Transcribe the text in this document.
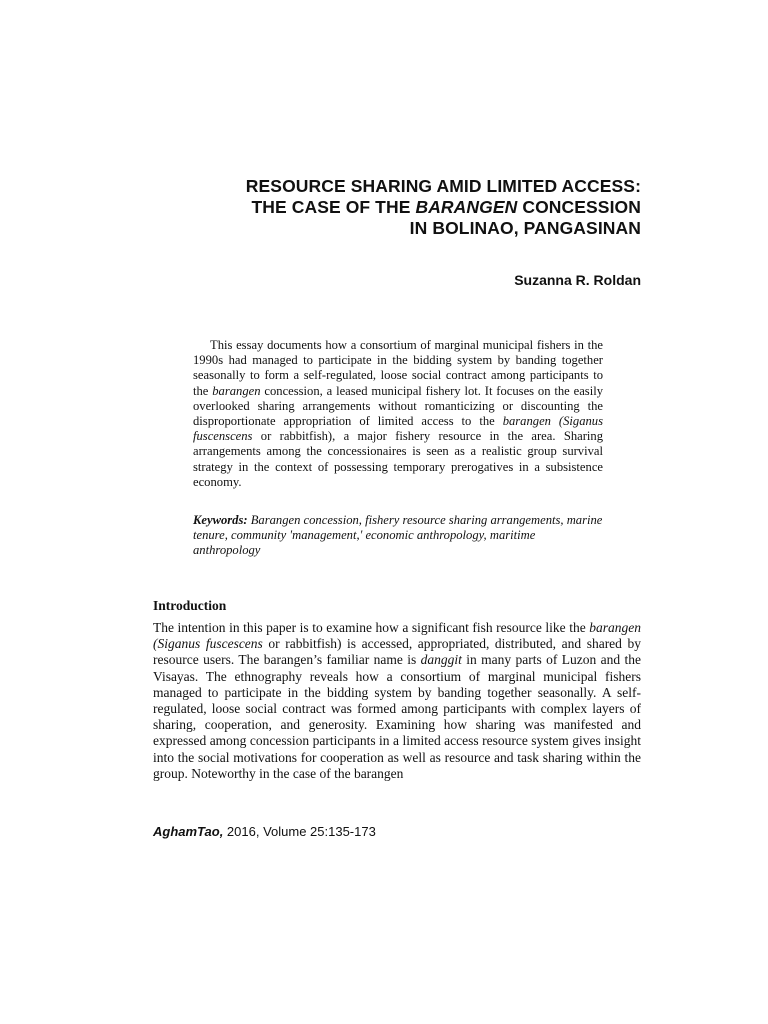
RESOURCE SHARING AMID LIMITED ACCESS:
THE CASE OF THE BARANGEN CONCESSION
IN BOLINAO, PANGASINAN
Suzanna R. Roldan

This essay documents how a consortium of marginal municipal fishers in the 1990s had managed to participate in the bidding system by banding together seasonally to form a self-regulated, loose social contract among participants to the barangen concession, a leased municipal fishery lot. It focuses on the easily overlooked sharing arrangements without romanticizing or discounting the disproportionate appropriation of limited access to the barangen (Siganus fuscenscens or rabbitfish), a major fishery resource in the area. Sharing arrangements among the concessionaires is seen as a realistic group survival strategy in the context of possessing temporary prerogatives in a subsistence economy.

Keywords: Barangen concession, fishery resource sharing arrangements, marine tenure, community 'management,' economic anthropology, maritime anthropology

Introduction

The intention in this paper is to examine how a significant fish resource like the barangen (Siganus fuscescens or rabbitfish) is accessed, appropriated, distributed, and shared by resource users. The barangen’s familiar name is danggit in many parts of Luzon and the Visayas. The ethnography reveals how a consortium of marginal municipal fishers managed to participate in the bidding system by banding together seasonally. A self-regulated, loose social contract was formed among participants with complex layers of sharing, cooperation, and generosity. Examining how sharing was manifested and expressed among concession participants in a limited access resource system gives insight into the social motivations for cooperation as well as resource and task sharing within the group. Noteworthy in the case of the barangen

AghamTao, 2016, Volume 25:135-173
